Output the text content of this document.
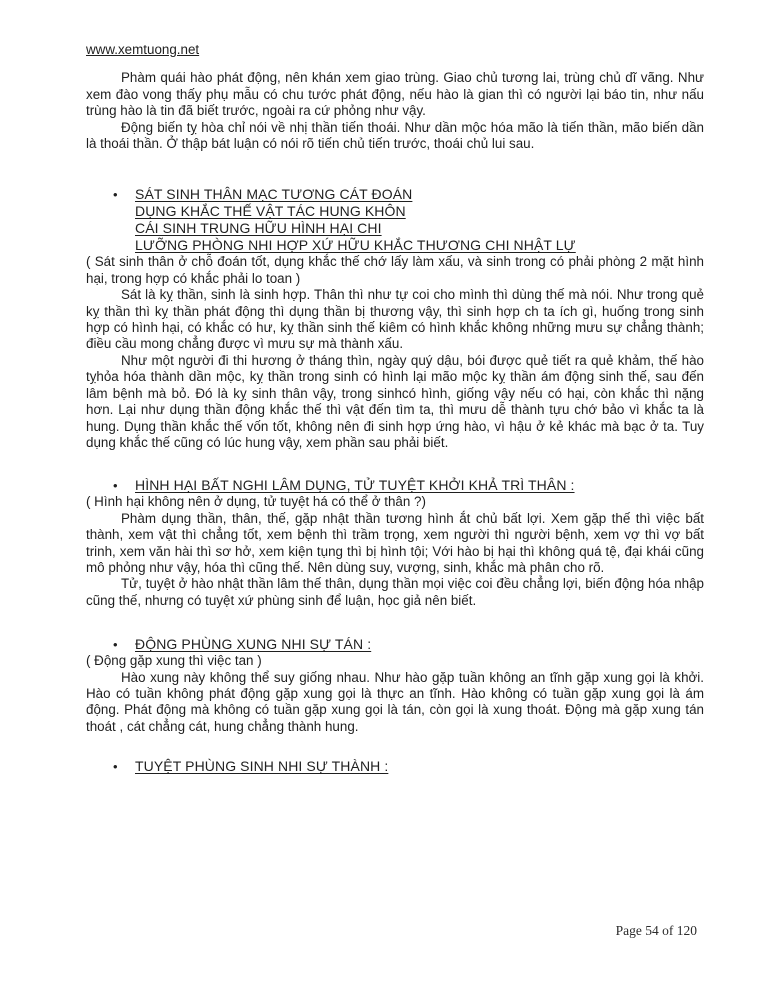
www.xemtuong.net

Phàm quái hào phát động, nên khán xem giao trùng. Giao chủ tương lai, trùng chủ dĩ vãng. Như xem đào vong thấy phụ mẫu có chu tước phát động, nếu hào là gian thì có người lại báo tin, như nấu trùng hào là tin đã biết trước, ngoài ra cứ phỏng như vậy.

Động biến tỵ hòa chỉ nói về nhị thần tiến thoái. Như dần mộc hóa mão là tiến thần, mão biến dần là thoái thần. Ở thập bát luận có nói rõ tiến chủ tiến trước, thoái chủ lui sau.

•	SÁT SINH THÂN MẠC TƯƠNG CÁT ĐOÁN
DỤNG KHẮC THẾ VẬT TÁC HUNG KHÔN
CÁI SINH TRUNG HỮU HÌNH HẠI CHI
LƯỠNG PHÒNG NHI HỢP XỨ HỮU KHẮC THƯƠNG CHI NHẬT LỰ

( Sát sinh thân ở chỗ đoán tốt, dụng khắc thế chớ lấy làm xấu, và sinh trong có phải phòng 2 mặt hình hại, trong hợp có khắc phải lo toan )

Sát là kỵ thần, sinh là sinh hợp. Thân thì như tự coi cho mình thì dùng thế mà nói. Như trong quẻ kỵ thần thì kỵ thần phát động thì dụng thần bị thương vậy, thì sinh hợp ch ta ích gì, huống trong sinh hợp có hình hại, có khắc có hư, kỵ thần sinh thế kiêm có hình khắc không những mưu sự chẳng thành; điều cầu mong chẳng được vì mưu sự mà thành xấu.

Như một người đi thi hương ở tháng thìn, ngày quý dậu, bói được quẻ tiết ra quẻ khảm, thế hào tỵhỏa hóa thành dần mộc, kỵ thần trong sinh có hình lại mão mộc kỵ thần ám động sinh thế, sau đến lâm bệnh mà bỏ. Đó là kỵ sinh thân vậy, trong sinhcó hình, giống vậy nếu có hại, còn khắc thì nặng hơn. Lại như dụng thần động khắc thế thì vật đến tìm ta, thì mưu dễ thành tựu chớ bảo vì khắc ta là hung. Dụng thần khắc thế vốn tốt, không nên đi sinh hợp ứng hào, vì hậu ở kẻ khác mà bạc ở ta. Tuy dụng khắc thế cũng có lúc hung vậy, xem phần sau phải biết.

•	HÌNH HẠI BẤT NGHI LÂM DỤNG, TỬ TUYỆT KHỞI KHẢ TRÌ THÂN :

( Hình hại không nên ở dụng, tử tuyệt há có thể ở thân ?)

Phàm dụng thần, thân, thế, gặp nhật thần tương hình ắt chủ bất lợi. Xem gặp thế thì việc bất thành, xem vật thì chẳng tốt, xem bệnh thì trầm trọng, xem người thì người bệnh, xem vợ thì vợ bất trinh, xem văn hài thì sơ hở, xem kiện tụng thì bị hình tội; Với hào bị hại thì không quá tệ, đại khái cũng mô phỏng như vậy, hóa thì cũng thế. Nên dùng suy, vượng, sinh, khắc mà phân cho rõ.

Tử, tuyệt ở hào nhật thần lâm thế thân, dụng thần mọi việc coi đều chẳng lợi, biến động hóa nhập cũng thế, nhưng có tuyệt xứ phùng sinh để luận, học giả nên biết.

•	ĐỘNG PHÙNG XUNG NHI SỰ TÁN :

( Động gặp xung thì việc tan )

Hào xung này không thể suy giống nhau. Như hào gặp tuần không an tĩnh gặp xung gọi là khởi. Hào có tuần không phát động gặp xung gọi là thực an tĩnh. Hào không có tuần gặp xung gọi là ám động. Phát động mà không có tuần gặp xung gọi là tán, còn gọi là xung thoát. Động mà gặp xung tán thoát , cát chẳng cát, hung chẳng thành hung.

•	TUYỆT PHÙNG SINH NHI SỰ THÀNH :
Page 54 of 120
